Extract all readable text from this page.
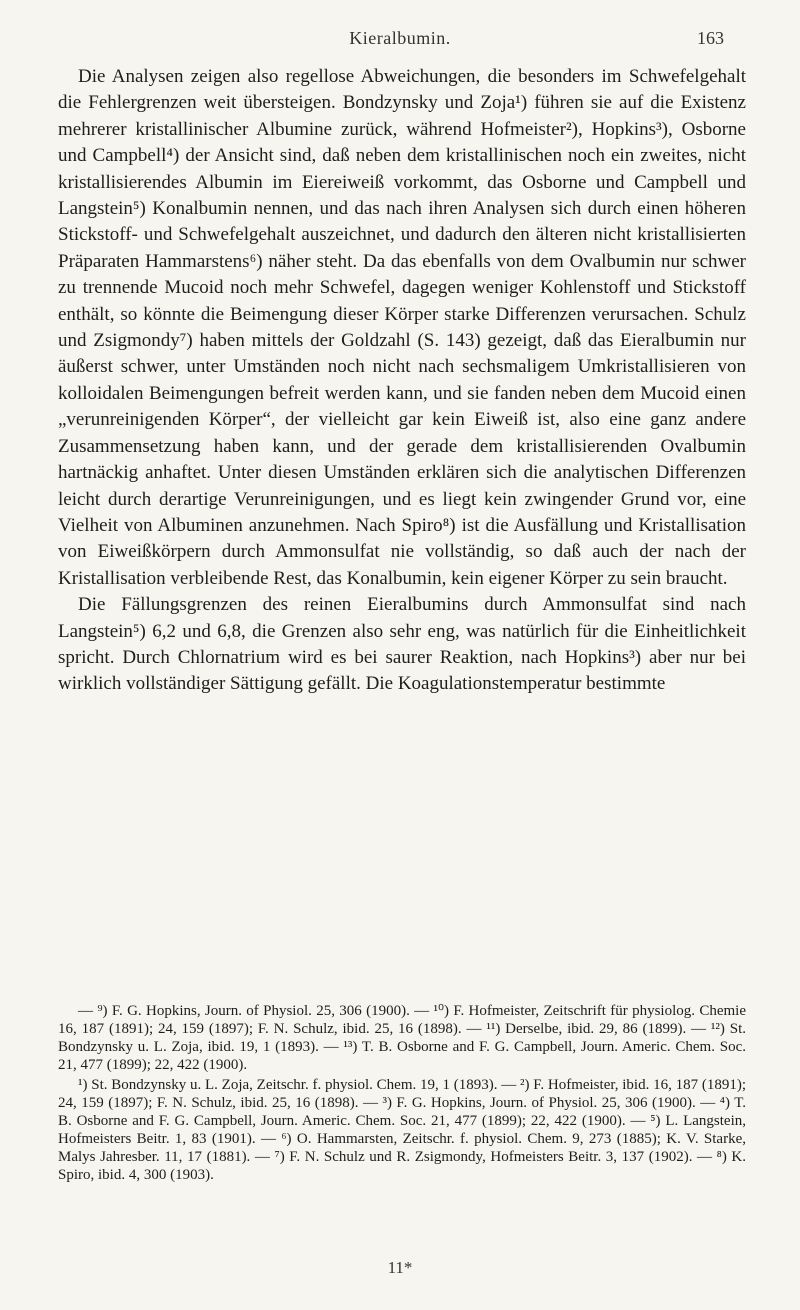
Kieralbumin.	163

Die Analysen zeigen also regellose Abweichungen, die besonders im Schwefelgehalt die Fehlergrenzen weit übersteigen. Bondzynsky und Zoja¹) führen sie auf die Existenz mehrerer kristallinischer Albumine zurück, während Hofmeister²), Hopkins³), Osborne und Campbell⁴) der Ansicht sind, daß neben dem kristallinischen noch ein zweites, nicht kristallisierendes Albumin im Eiereiweiß vorkommt, das Osborne und Campbell und Langstein⁵) Konalbumin nennen, und das nach ihren Analysen sich durch einen höheren Stickstoff- und Schwefelgehalt auszeichnet, und dadurch den älteren nicht kristallisierten Präparaten Hammarstens⁶) näher steht. Da das ebenfalls von dem Ovalbumin nur schwer zu trennende Mucoid noch mehr Schwefel, dagegen weniger Kohlenstoff und Stickstoff enthält, so könnte die Beimengung dieser Körper starke Differenzen verursachen. Schulz und Zsigmondy⁷) haben mittels der Goldzahl (S. 143) gezeigt, daß das Eieralbumin nur äußerst schwer, unter Umständen noch nicht nach sechsmaligem Umkristallisieren von kolloidalen Beimengungen befreit werden kann, und sie fanden neben dem Mucoid einen „verunreinigenden Körper“, der vielleicht gar kein Eiweiß ist, also eine ganz andere Zusammensetzung haben kann, und der gerade dem kristallisierenden Ovalbumin hartnäckig anhaftet. Unter diesen Umständen erklären sich die analytischen Differenzen leicht durch derartige Verunreinigungen, und es liegt kein zwingender Grund vor, eine Vielheit von Albuminen anzunehmen. Nach Spiro⁸) ist die Ausfällung und Kristallisation von Eiweißkörpern durch Ammonsulfat nie vollständig, so daß auch der nach der Kristallisation verbleibende Rest, das Konalbumin, kein eigener Körper zu sein braucht.

Die Fällungsgrenzen des reinen Eieralbumins durch Ammonsulfat sind nach Langstein⁵) 6,2 und 6,8, die Grenzen also sehr eng, was natürlich für die Einheitlichkeit spricht. Durch Chlornatrium wird es bei saurer Reaktion, nach Hopkins³) aber nur bei wirklich vollständiger Sättigung gefällt. Die Koagulationstemperatur bestimmte

— ⁹) F. G. Hopkins, Journ. of Physiol. 25, 306 (1900). — ¹⁰) F. Hofmeister, Zeitschrift für physiolog. Chemie 16, 187 (1891); 24, 159 (1897); F. N. Schulz, ibid. 25, 16 (1898). — ¹¹) Derselbe, ibid. 29, 86 (1899). — ¹²) St. Bondzynsky u. L. Zoja, ibid. 19, 1 (1893). — ¹³) T. B. Osborne and F. G. Campbell, Journ. Americ. Chem. Soc. 21, 477 (1899); 22, 422 (1900).

¹) St. Bondzynsky u. L. Zoja, Zeitschr. f. physiol. Chem. 19, 1 (1893). — ²) F. Hofmeister, ibid. 16, 187 (1891); 24, 159 (1897); F. N. Schulz, ibid. 25, 16 (1898). — ³) F. G. Hopkins, Journ. of Physiol. 25, 306 (1900). — ⁴) T. B. Osborne and F. G. Campbell, Journ. Americ. Chem. Soc. 21, 477 (1899); 22, 422 (1900). — ⁵) L. Langstein, Hofmeisters Beitr. 1, 83 (1901). — ⁶) O. Hammarsten, Zeitschr. f. physiol. Chem. 9, 273 (1885); K. V. Starke, Malys Jahresber. 11, 17 (1881). — ⁷) F. N. Schulz und R. Zsigmondy, Hofmeisters Beitr. 3, 137 (1902). — ⁸) K. Spiro, ibid. 4, 300 (1903).

11*
